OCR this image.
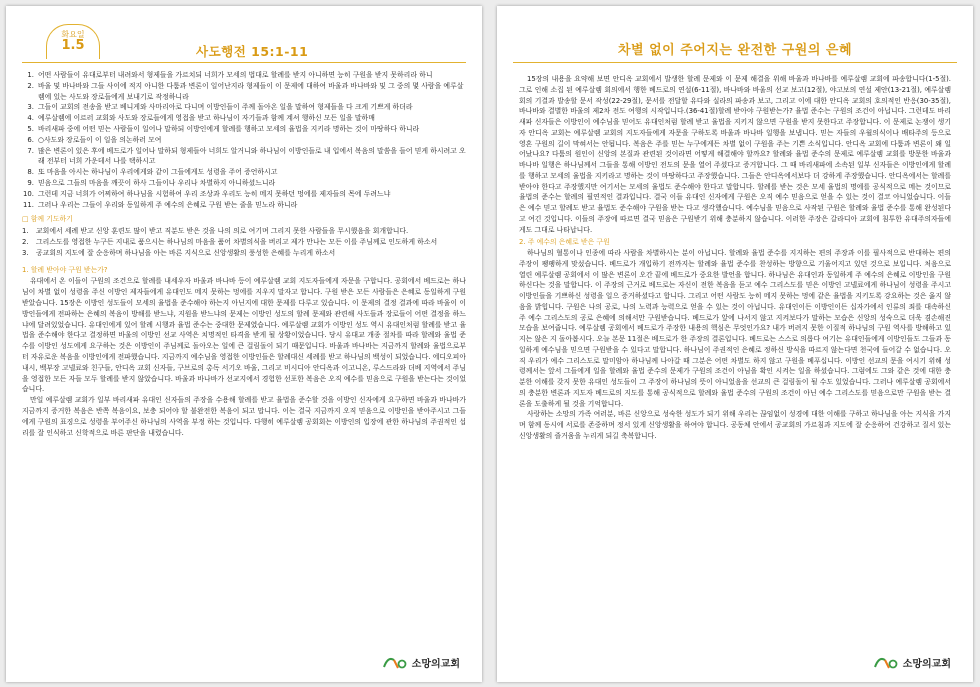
화요일
1.5	사도행전 15:1-11
1. 어떤 사람들이 유대로부터 내려와서 형제들을 가르치되 너희가 모세의 법대로 할례를 받지 아니하면 능히 구원을 받지 못하리라 하니
2. 바울 및 바나바와 그들 사이에 적지 아니한 다툼과 변론이 일어난지라 형제들이 이 문제에 대하여 바울과 바나바와 및 그 중의 몇 사람을 예루살렘에 있는 사도와 장로들에게 보내기로 작정하니라
3. 그들이 교회의 전송을 받고 베니게와 사마리아로 다니며 이방인들이 주께 돌아온 일을 말하여 형제들을 다 크게 기쁘게 하더라
4. 예루살렘에 이르러 교회와 사도와 장로들에게 영접을 받고 하나님이 자기들과 함께 계셔 행하신 모든 일을 말하매
5. 바리새파 중에 어떤 믿는 사람들이 일어나 말하되 이방인에게 할례를 행하고 모세의 율법을 지키라 명하는 것이 마땅하다 하니라
6. ○사도와 장로들이 이 일을 의논하러 모여
7. 많은 변론이 있은 후에 베드로가 일어나 말하되 형제들아 너희도 알거니와 하나님이 이방인들로 내 입에서 복음의 말씀을 들어 믿게 하시려고 오래 전부터 너희 가운데서 나를 택하시고
8. 또 마음을 아시는 하나님이 우리에게와 같이 그들에게도 성령을 주어 증언하시고
9. 믿음으로 그들의 마음을 깨끗이 하사 그들이나 우리나 차별하지 아니하셨느니라
10. 그런데 지금 너희가 어찌하여 하나님을 시험하여 우리 조상과 우리도 능히 메지 못하던 멍에를 제자들의 목에 두려느냐
11. 그러나 우리는 그들이 우리와 동일하게 주 예수의 은혜로 구원 받는 줄을 믿노라 하니라
□ 함께 기도하기
1.	교회에서 세례 받고 신앙 훈련도 많이 받고 직분도 받은 것을 나의 의로 여기며 그리지 못한 사람들을 무시했음을 회개합니다.
2.	그리스도를 영접한 누구든 지내로 품으시는 하나님의 마음을 품어 차별의식을 버리고 제가 만나는 모든 이를 주님께로 인도하게 하소서
3.	공교회의 지도에 잘 순응하며 하나님을 아는 바른 지식으로 신앙생활의 풍성한 은혜를 누리게 하소서
1. 할례 받아야 구원 받는가?

유대에서 온 이들이 구원의 조건으로 할례를 내세우자 바울과 바나바 등이 예루살렘 교회 지도자들에게 자문을 구합니다. 공회에서 베드로는 하나님이 차별 없이 성령을 주신 이방인 제자들에게 유대인도 메지 못하는 멍에를 지우지 말자고 합니다. 구원 받은 모든 사람들은 은혜로 동일하게 구원 받았습니다. 15장은 이방인 성도들이 모세의 율법을 준수해야 하는지 아닌지에 대한 문제를 다루고 있습니다. 이 문제의 결정 결과에 따라 바울이 이방인들에게 전파하는 은혜의 복음이 방해를 받느냐, 지원을 받느냐의 문제는 이방인 성도의 할례 문제와 관련해 사도들과 장로들이 어떤 결정을 하느냐에 달려있었습니다. 유대인에게 있어 할례 시행과 율법 준수는 중대한 문제였습니다. 예루살렘 교회가 이방인 성도 역시 유대인처럼 할례를 받고 율법을 준수해야 한다고 결정하면 바울의 이방인 선교 사역은 치명적인 타격을 받게 될 상황이었습니다. 당시 유대교 개종 절차를 따라 할례와 율법 준수를 이방인 성도에게 요구하는 것은 이방인이 주님께로 돌아오는 일에 큰 걸림돌이 되기 때문입니다. 바울과 바나바는 지금까지 할례와 율법으로부터 자유로운 복음을 이방인에게 전파했습니다. 지금까지 예수님을 영접한 이방인들은 할례대신 세례를 받고 하나님의 백성이 되었습니다. 에디오피아 내시, 백부장 고넬료와 친구들, 안디옥 교회 신자들, 구브로의 총독 서기오 바울, 그리고 비시디아 안디옥과 이고니온, 루스드라와 더베 지역에서 주님을 영접한 모든 자들 모두 할례를 받지 않았습니다. 바울과 바나바가 선교지에서 경험한 선포한 복음은 오직 예수를 믿음으로 구원을 받는다는 것이었습니다.

만일 예루살렘 교회가 일부 바리새파 유대인 신자들의 주장을 수용해 할례를 받고 율법을 준수할 것을 이방인 신자에게 요구하면 바울과 바나바가 지금까지 증거한 복음은 반쪽 복음이요, 보충 되어야 할 불완전한 복음이 되고 맙니다. 이는 결국 지금까지 오직 믿음으로 이방인을 받아주시고 그들에게 구원의 표징으로 성령을 부어주신 하나님의 사역을 부정 하는 것입니다. 다행히 예루살렘 공회회는 이방인의 입장에 관한 하나님의 주권적인 섭리를 잘 인식하고 신학적으로 바른 판단을 내렸습니다.

소망의교회
차별 없이 주어지는 완전한 구원의 은혜

15장의 내용을 요약해 보면 안디옥 교회에서 발생한 할례 문제와 이 문제 해결을 위해 바울과 바나바를 예루살렘 교회에 파송합니다(1-5절). 그로 인해 소집 된 예루살렘 회의에서 행한 베드로의 연설(6-11절), 바나바와 바울의 선교 보고(12절), 야고보의 연설 제안(13-21절), 예루살렘 회의 기결과 발송할 문서 작성(22-29절), 문서를 전달할 유다와 실라의 파송과 보고, 그리고 이에 대한 안디옥 교회의 호의적인 반응(30-35절), 바나바와 결별한 바울의 제2차 전도 여행의 시작입니다.(36-41절)할례 받아야 구원받는가? 율법 준수는 구원의 조건이 아닙니다. 그런데도 바리새파 신자들은 이방인이 예수님을 믿어도 유대인처럼 할례 받고 율법을 지키지 않으면 구원을 받지 못한다고 주장합니다. 이 문제로 논쟁이 생기자 안디옥 교회는 예루살렘 교회의 지도자들에게 자문을 구하도록 바울과 바나바 일행을 보냅니다. 믿는 자들의 우월의식이나 배타주의 등으로 영혼 구원의 길이 막혀서는 안됩니다. 복음은 주를 믿는 누구에게든 차별 없이 구원을 주는 기쁜 소식입니다. 안디옥 교회에 다툼과 변론이 왜 일어났나요? 다툼의 원인이 신앙의 본질과 관련된 것이라면 어떻게 해결해야 할까요? 할례와 율법 준수의 문제로 예루살렘 교회를 방문한 바울과 바나바 일행은 하나님께서 그들을 통해 이방인 전도의 문을 열어 주셨다고 증거합니다. 그 때 바리새파에 소속된 일부 신자들은 이방인에게 할례를 행하고 모세의 율법을 지키라고 명하는 것이 마땅하다고 주장했습니다. 그들은 안디옥에서보다 더 강하게 주장했습니다. 안디옥에서는 할례를 받아야 한다고 주장했지만 여기서는 모세의 율법도 준수해야 한다고 말합니다. 할례를 받는 것은 모세 율법의 명에를 공식적으로 메는 것이므로 율법의 준수는 할례의 필연적인 결과입니다. 결국 이들 유대인 신자에게 구원은 오직 예수 믿음으로 얻을 수 있는 것이 결코 아니었습니다. 이들은 예수 믿고 할례도 받고 율법도 준수해야 구원을 받는 다고 생각했습니다. 예수님을 믿음으로 사작된 구원은 할례와 율법 준수를 통해 완성된다고 여긴 것입니다. 이들의 주장에 따르면 결국 믿음은 구원받기 위해 충분하지 않습니다. 이러한 주장은 갈라디아 교회에 침투한 유대주의자들에게도 그대로 나타납니다.

2. 주 예수의 은혜로 받은 구원

하나님의 혈통이나 인종에 따라 사람을 차별하시는 분이 아닙니다. 할례와 율법 준수를 지지하는 편의 주장과 이를 필사적으로 반대하는 편의 주장이 팽팽하게 맞섰습니다. 베드로가 개입하기 전까지는 할례와 율법 준수를 찬성하는 방향으로 기울어지고 있던 것으로 보입니다. 처음으로 열린 예루살렘 공회에서 이 많은 변론이 오간 끝에 베드로가 중요한 발언을 합니다. 하나님은 유대인과 동일하게 주 예수의 은혜로 이방인을 구원하신다는 것을 말합니다. 이 주장의 근거로 베드로는 자신이 전한 복음을 듣고 예수 그리스도를 믿은 이방인 고넬료에게 하나님이 성령을 주시고 이방인들을 기쁘하신 성령을 일으 증거하셨다고 합니다. 그리고 어떤 사람도 능히 메지 못하는 멍에 같은 율법을 지키도록 강요하는 것은 옳지 않음을 밝힙니다. 구원은 나의 공로, 나의 노력과 능력으로 얻을 수 있는 것이 아닙니다. 유대인이든 이방인이든 십자가에서 인류의 죄를 대속하신 주 예수 그리스도의 공로 은혜에 의해서만 구원받습니다. 베드로가 앞에 나서지 않고 지켜보다가 말하는 모습은 신앙의 성숙으로 더욱 겸손해진 모습을 보여줍니다. 예루살렘 공회에서 베드로가 주장한 내용의 핵심은 무엇인가요? 내가 버려지 못한 이질적 하나님의 구원 역사를 방해하고 있지는 않은 지 돌아봅시다. 오늘 본문 11절은 베드로가 한 주장의 결론입니다. 베드로는 스스로 의롭다 여기는 유대인들에게 이방인들도 그들과 동일하게 예수님을 믿으면 구원받을 수 있다고 말합니다. 하나님이 주권적인 은혜로 정하신 방식을 따르지 않는다면 천국에 들어갈 수 없습니다. 오직 우리가 예수 그리스도로 말미암아 하나님께 나아갈 때 그분은 어떤 차별도 하지 않고 구원을 베푸십니다. 이방인 선교의 문을 여시기 위해 성령께서는 앞서 그들에게 일을 할례와 율법 준수의 문제가 구원의 조건이 아님을 확인 시켜는 일을 하셨습니다. 그럼에도 그와 같은 것에 대한 충분한 이해를 갖지 못한 유대인 성도들이 그 주장이 하나님의 뜻이 아니었음을 선교의 큰 걸림돌이 될 수도 있었습니다. 그러나 예루살렘 공회에서의 충분한 변론과 지도자 베드로의 지도를 통해 공식적으로 할례와 율법 준수의 구원의 조건이 아닌 예수 그리스도를 믿음으로만 구원을 받는 결론을 도출하게 될 것을 기억합니다.

사랑하는 소망의 가족 여러분, 바른 신앙으로 성숙한 성도가 되기 위해 우리는 끊임없이 성경에 대한 이해를 구하고 하나님을 아는 지식을 가지며 함께 동시에 서로를 존중하며 정서 있게 신앙생활을 하여야 합니다. 공동체 안에서 공교회의 가르침과 지도에 잘 순응하여 건강하고 질서 있는 신앙생활의 즐거움을 누리게 되길 축복합니다.

소망의교회
